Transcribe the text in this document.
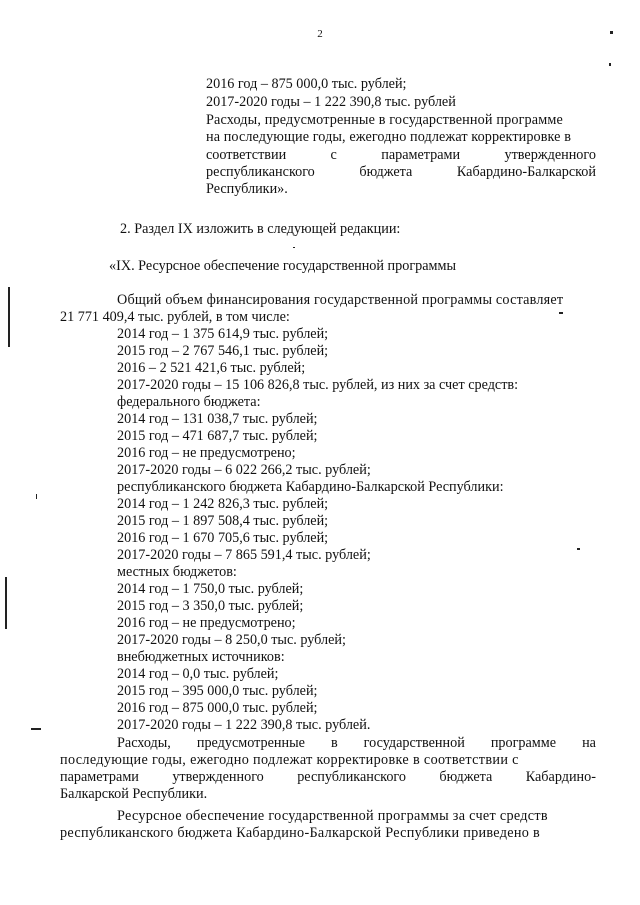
2
2016 год – 875 000,0 тыс. рублей;
2017-2020 годы – 1 222 390,8 тыс. рублей
Расходы, предусмотренные в государственной программе
на последующие годы, ежегодно подлежат корректировке в
соответствии	с	параметрами	утвержденного
республиканского	бюджета	Кабардино-Балкарской
Республики».
2. Раздел IX изложить в следующей редакции:
«IX. Ресурсное обеспечение государственной программы
Общий объем финансирования государственной программы составляет
21 771 409,4 тыс. рублей, в том числе:
2014 год – 1 375 614,9 тыс. рублей;
2015 год – 2 767 546,1 тыс. рублей;
2016 – 2 521 421,6 тыс. рублей;
2017-2020 годы – 15 106 826,8 тыс. рублей, из них за счет средств:
федерального бюджета:
2014 год – 131 038,7 тыс. рублей;
2015 год – 471 687,7 тыс. рублей;
2016 год – не предусмотрено;
2017-2020 годы – 6 022 266,2 тыс. рублей;
республиканского бюджета Кабардино-Балкарской Республики:
2014 год – 1 242 826,3 тыс. рублей;
2015 год – 1 897 508,4 тыс. рублей;
2016 год – 1 670 705,6 тыс. рублей;
2017-2020 годы – 7 865 591,4 тыс. рублей;
местных бюджетов:
2014 год – 1 750,0 тыс. рублей;
2015 год – 3 350,0 тыс. рублей;
2016 год – не предусмотрено;
2017-2020 годы – 8 250,0 тыс. рублей;
внебюджетных источников:
2014 год – 0,0 тыс. рублей;
2015 год – 395 000,0 тыс. рублей;
2016 год – 875 000,0 тыс. рублей;
2017-2020 годы – 1 222 390,8 тыс. рублей.
Расходы, предусмотренные в государственной программе на
последующие годы, ежегодно подлежат корректировке в соответствии с
параметрами утвержденного республиканского бюджета Кабардино-
Балкарской Республики.
Ресурсное обеспечение государственной программы за счет средств
республиканского бюджета Кабардино-Балкарской Республики приведено в
